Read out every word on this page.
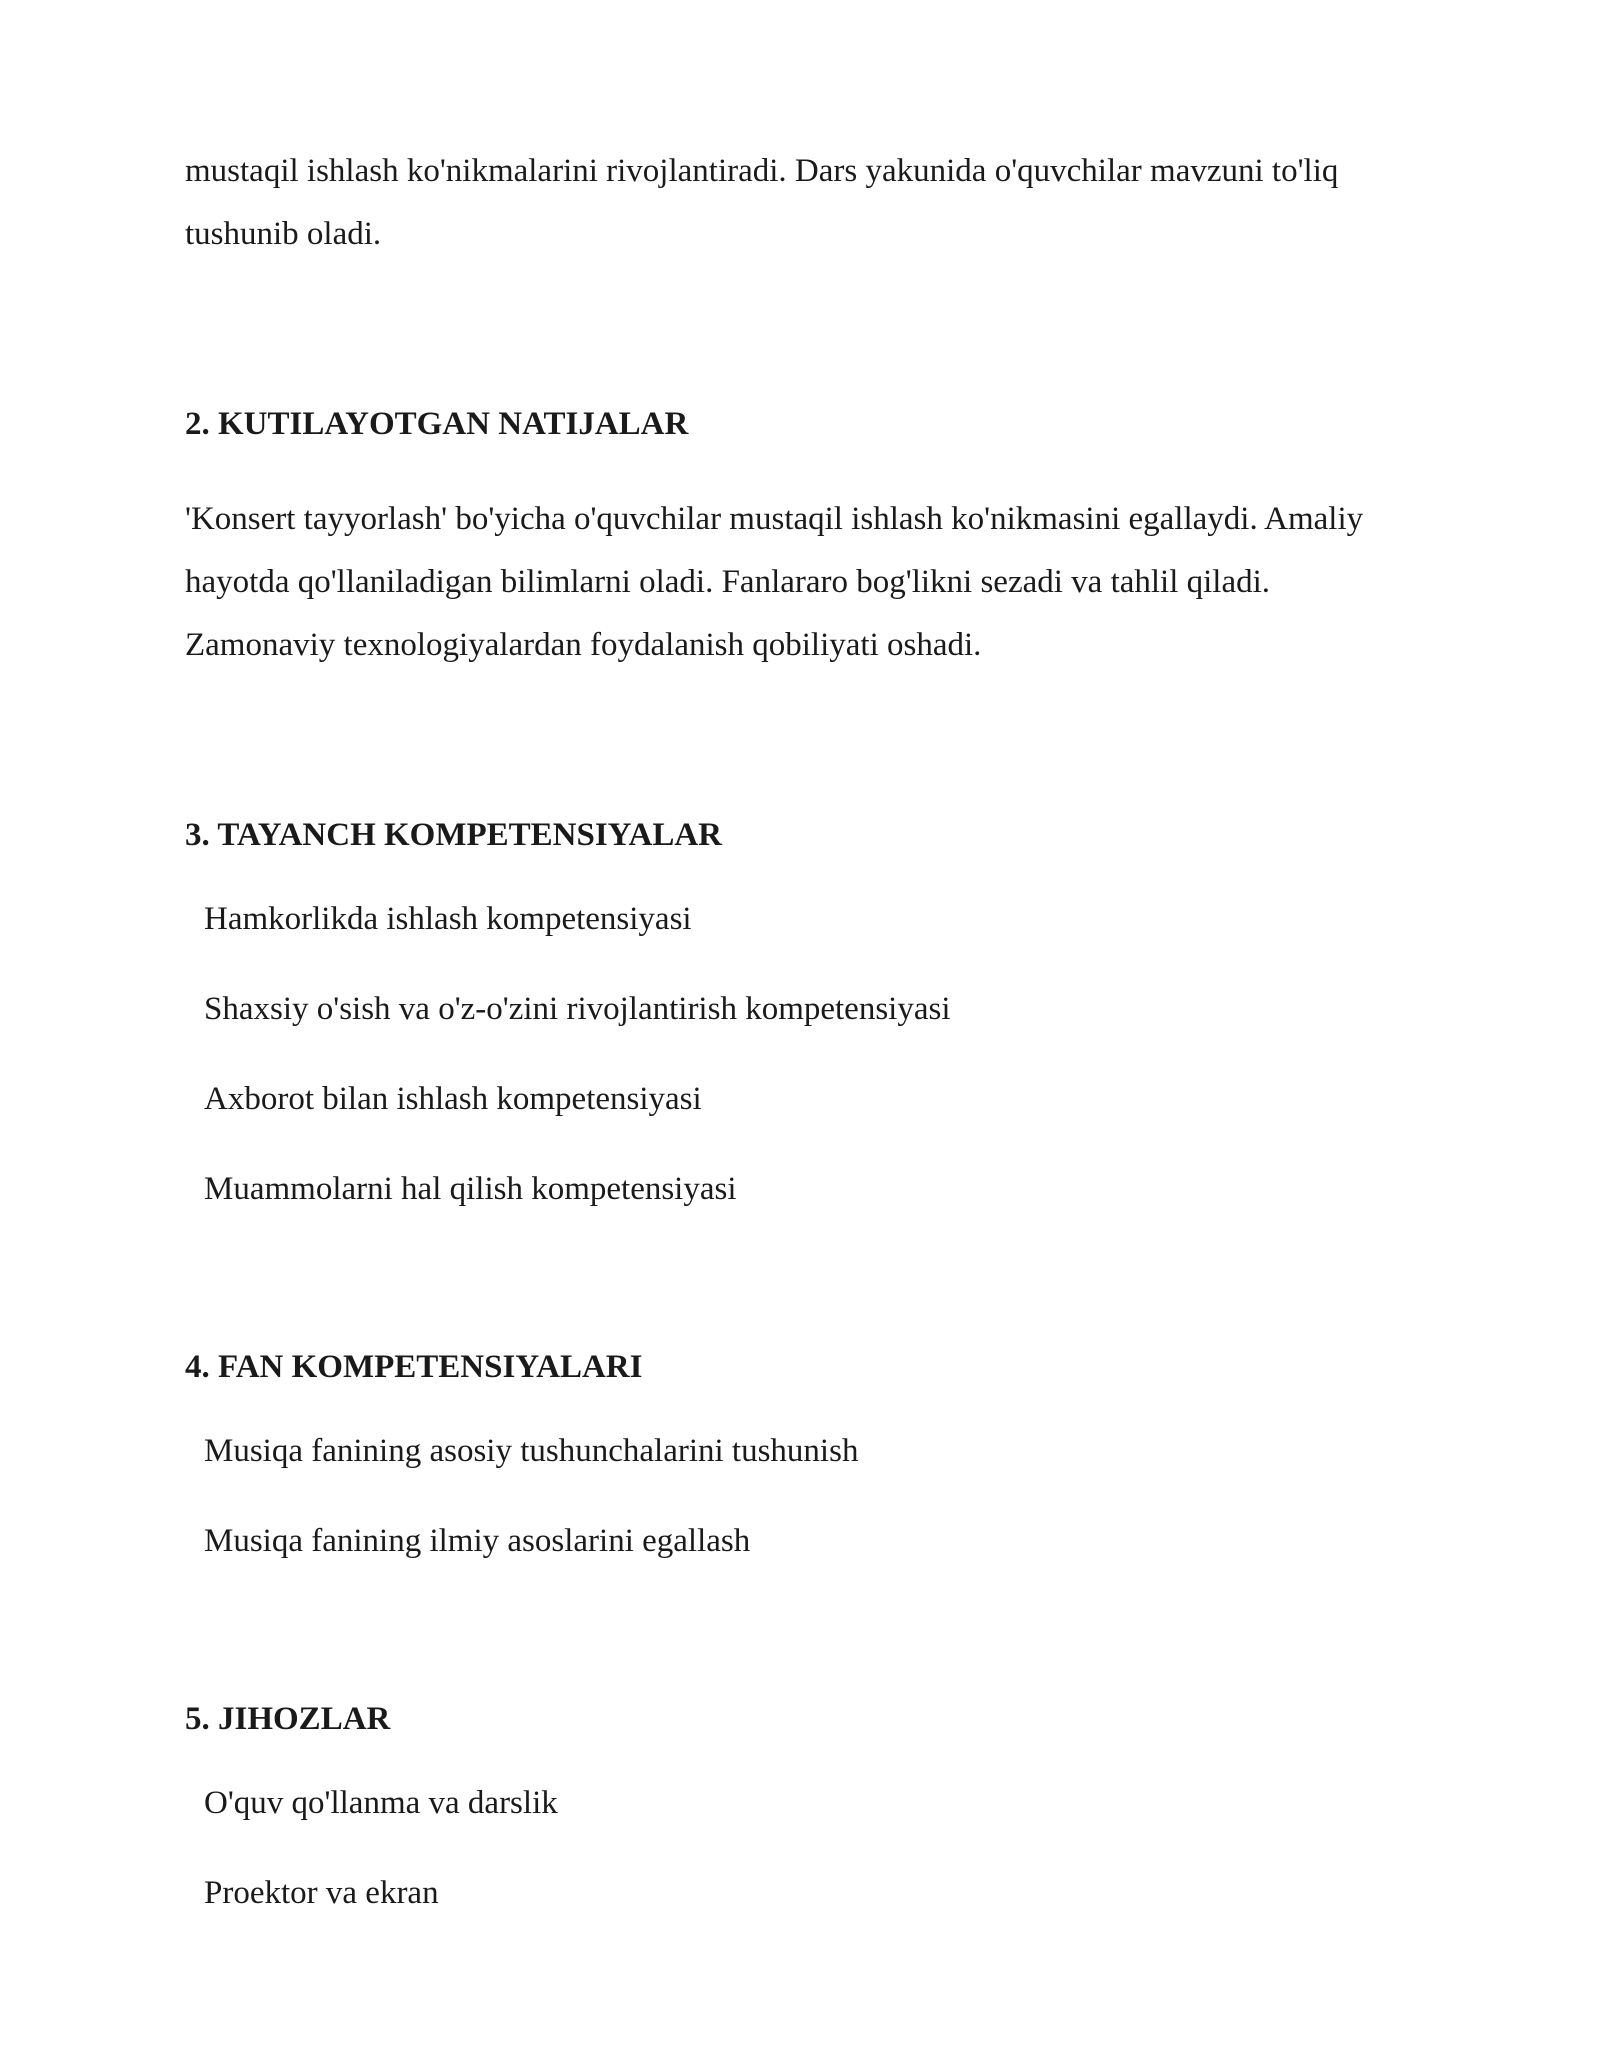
mustaqil ishlash ko'nikmalarini rivojlantiradi. Dars yakunida o'quvchilar mavzuni to'liq tushunib oladi.

2. KUTILAYOTGAN NATIJALAR

'Konsert tayyorlash' bo'yicha o'quvchilar mustaqil ishlash ko'nikmasini egallaydi. Amaliy hayotda qo'llaniladigan bilimlarni oladi. Fanlararo bog'likni sezadi va tahlil qiladi. Zamonaviy texnologiyalardan foydalanish qobiliyati oshadi.

3. TAYANCH KOMPETENSIYALAR
Hamkorlikda ishlash kompetensiyasi
Shaxsiy o'sish va o'z-o'zini rivojlantirish kompetensiyasi
Axborot bilan ishlash kompetensiyasi
Muammolarni hal qilish kompetensiyasi
4. FAN KOMPETENSIYALARI
Musiqa fanining asosiy tushunchalarini tushunish
Musiqa fanining ilmiy asoslarini egallash
5. JIHOZLAR
O'quv qo'llanma va darslik
Proektor va ekran
